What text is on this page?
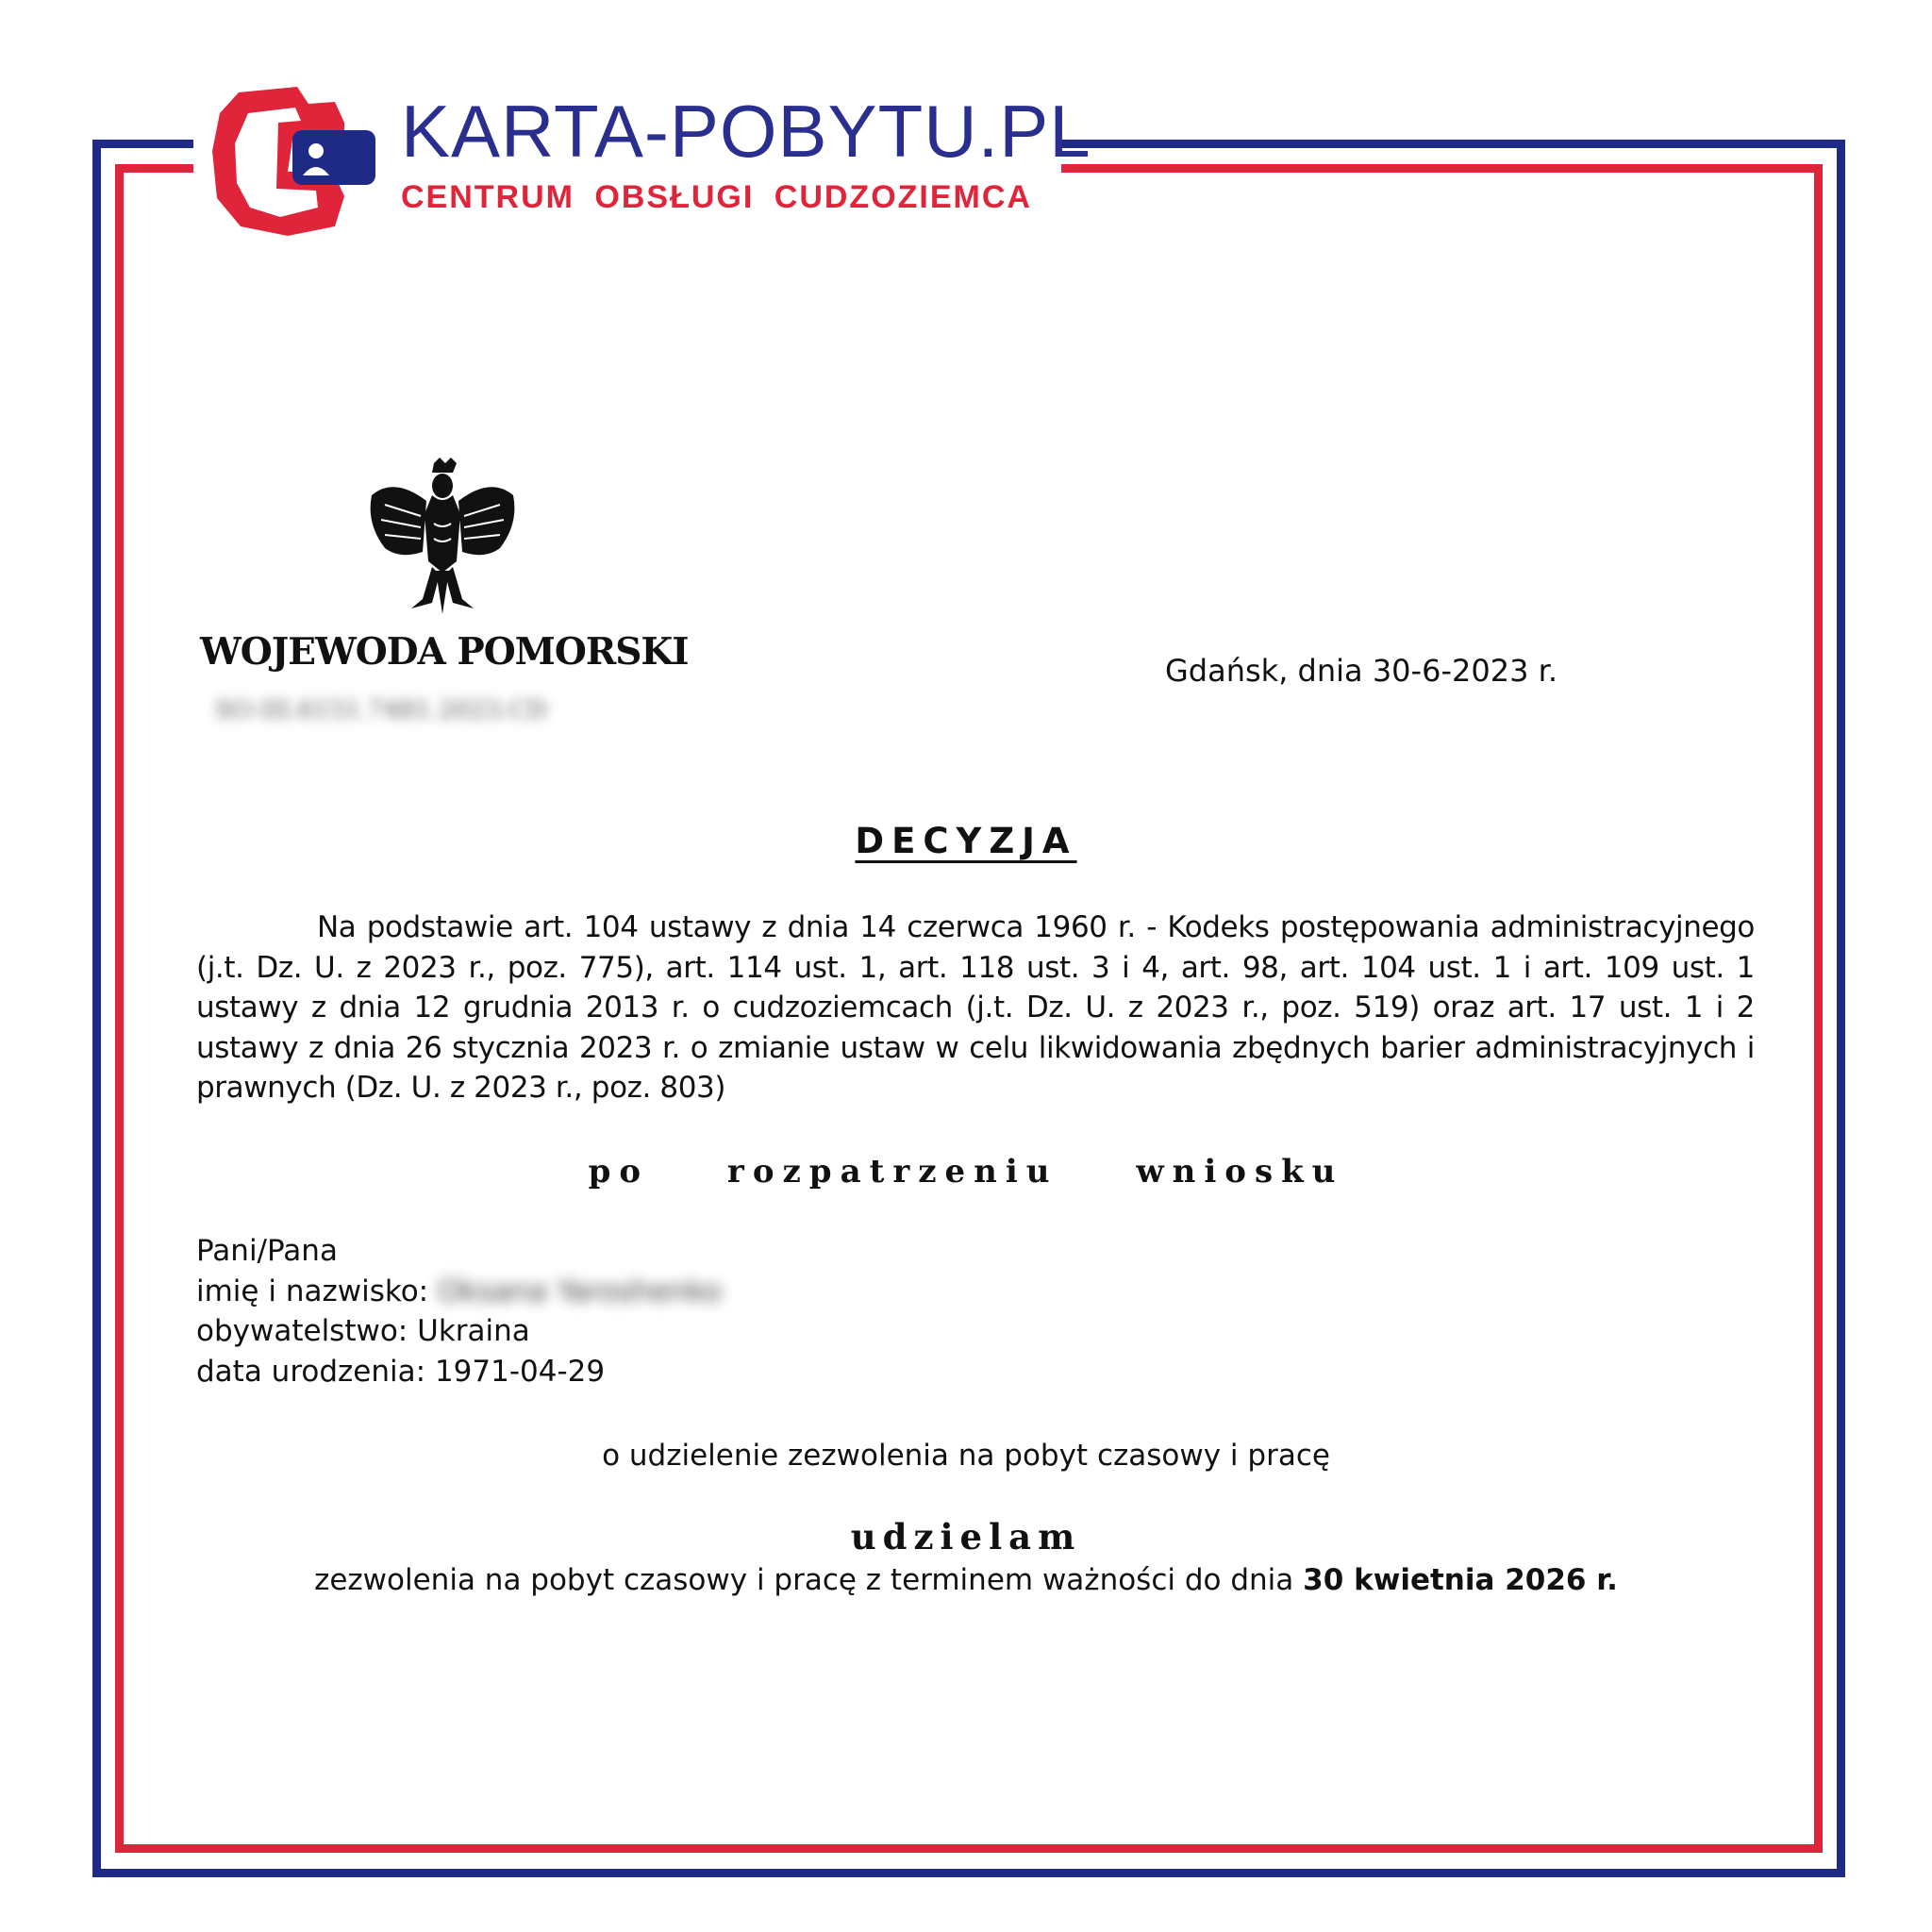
KARTA-POBYTU.PL
CENTRUM OBSŁUGI CUDZOZIEMCA
WOJEWODA POMORSKI
SO-III.6151.7481.2023.CD
Gdańsk, dnia 30-6-2023 r.
DECYZJA
Na podstawie art. 104 ustawy z dnia 14 czerwca 1960 r. - Kodeks postępowania administracyjnego (j.t. Dz. U. z 2023 r., poz. 775), art. 114 ust. 1, art. 118 ust. 3 i 4, art. 98, art. 104 ust. 1 i art. 109 ust. 1 ustawy z dnia 12 grudnia 2013 r. o cudzoziemcach (j.t. Dz. U. z 2023 r., poz. 519) oraz art. 17 ust. 1 i 2 ustawy z dnia 26 stycznia 2023 r. o zmianie ustaw w celu likwidowania zbędnych barier administracyjnych i prawnych (Dz. U. z 2023 r., poz. 803)
po rozpatrzeniu wniosku
Pani/Pana
imię i nazwisko: Oksana Yaroshenko
obywatelstwo: Ukraina
data urodzenia: 1971-04-29
o udzielenie zezwolenia na pobyt czasowy i pracę
udzielam
zezwolenia na pobyt czasowy i pracę z terminem ważności do dnia 30 kwietnia 2026 r.
